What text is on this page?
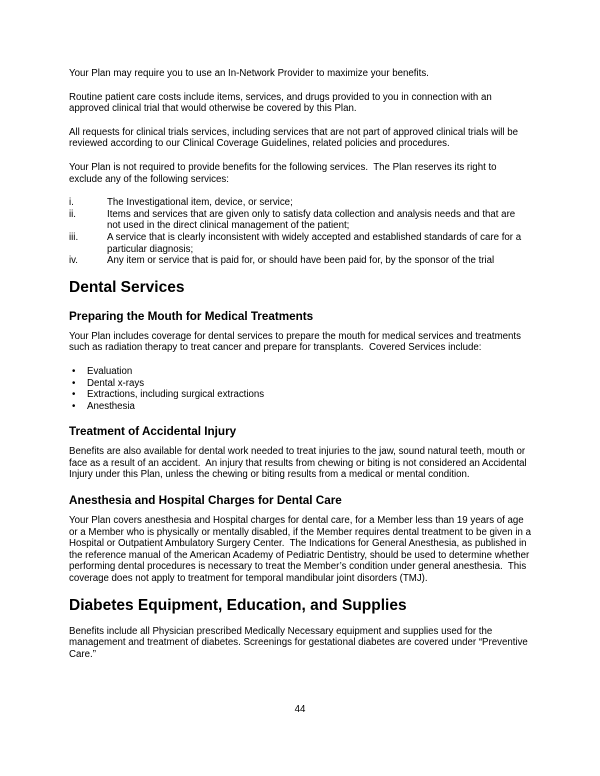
Your Plan may require you to use an In-Network Provider to maximize your benefits.

Routine patient care costs include items, services, and drugs provided to you in connection with an approved clinical trial that would otherwise be covered by this Plan.

All requests for clinical trials services, including services that are not part of approved clinical trials will be reviewed according to our Clinical Coverage Guidelines, related policies and procedures.

Your Plan is not required to provide benefits for the following services.  The Plan reserves its right to exclude any of the following services:

i.	The Investigational item, device, or service;
ii.	Items and services that are given only to satisfy data collection and analysis needs and that are not used in the direct clinical management of the patient;
iii.	A service that is clearly inconsistent with widely accepted and established standards of care for a particular diagnosis;
iv.	Any item or service that is paid for, or should have been paid for, by the sponsor of the trial
Dental Services
Preparing the Mouth for Medical Treatments

Your Plan includes coverage for dental services to prepare the mouth for medical services and treatments such as radiation therapy to treat cancer and prepare for transplants.  Covered Services include:

•	Evaluation
•	Dental x-rays
•	Extractions, including surgical extractions
•	Anesthesia
Treatment of Accidental Injury

Benefits are also available for dental work needed to treat injuries to the jaw, sound natural teeth, mouth or face as a result of an accident.  An injury that results from chewing or biting is not considered an Accidental Injury under this Plan, unless the chewing or biting results from a medical or mental condition.

Anesthesia and Hospital Charges for Dental Care

Your Plan covers anesthesia and Hospital charges for dental care, for a Member less than 19 years of age or a Member who is physically or mentally disabled, if the Member requires dental treatment to be given in a Hospital or Outpatient Ambulatory Surgery Center.  The Indications for General Anesthesia, as published in the reference manual of the American Academy of Pediatric Dentistry, should be used to determine whether performing dental procedures is necessary to treat the Member’s condition under general anesthesia.  This coverage does not apply to treatment for temporal mandibular joint disorders (TMJ).

Diabetes Equipment, Education, and Supplies

Benefits include all Physician prescribed Medically Necessary equipment and supplies used for the management and treatment of diabetes. Screenings for gestational diabetes are covered under “Preventive Care.”

44
